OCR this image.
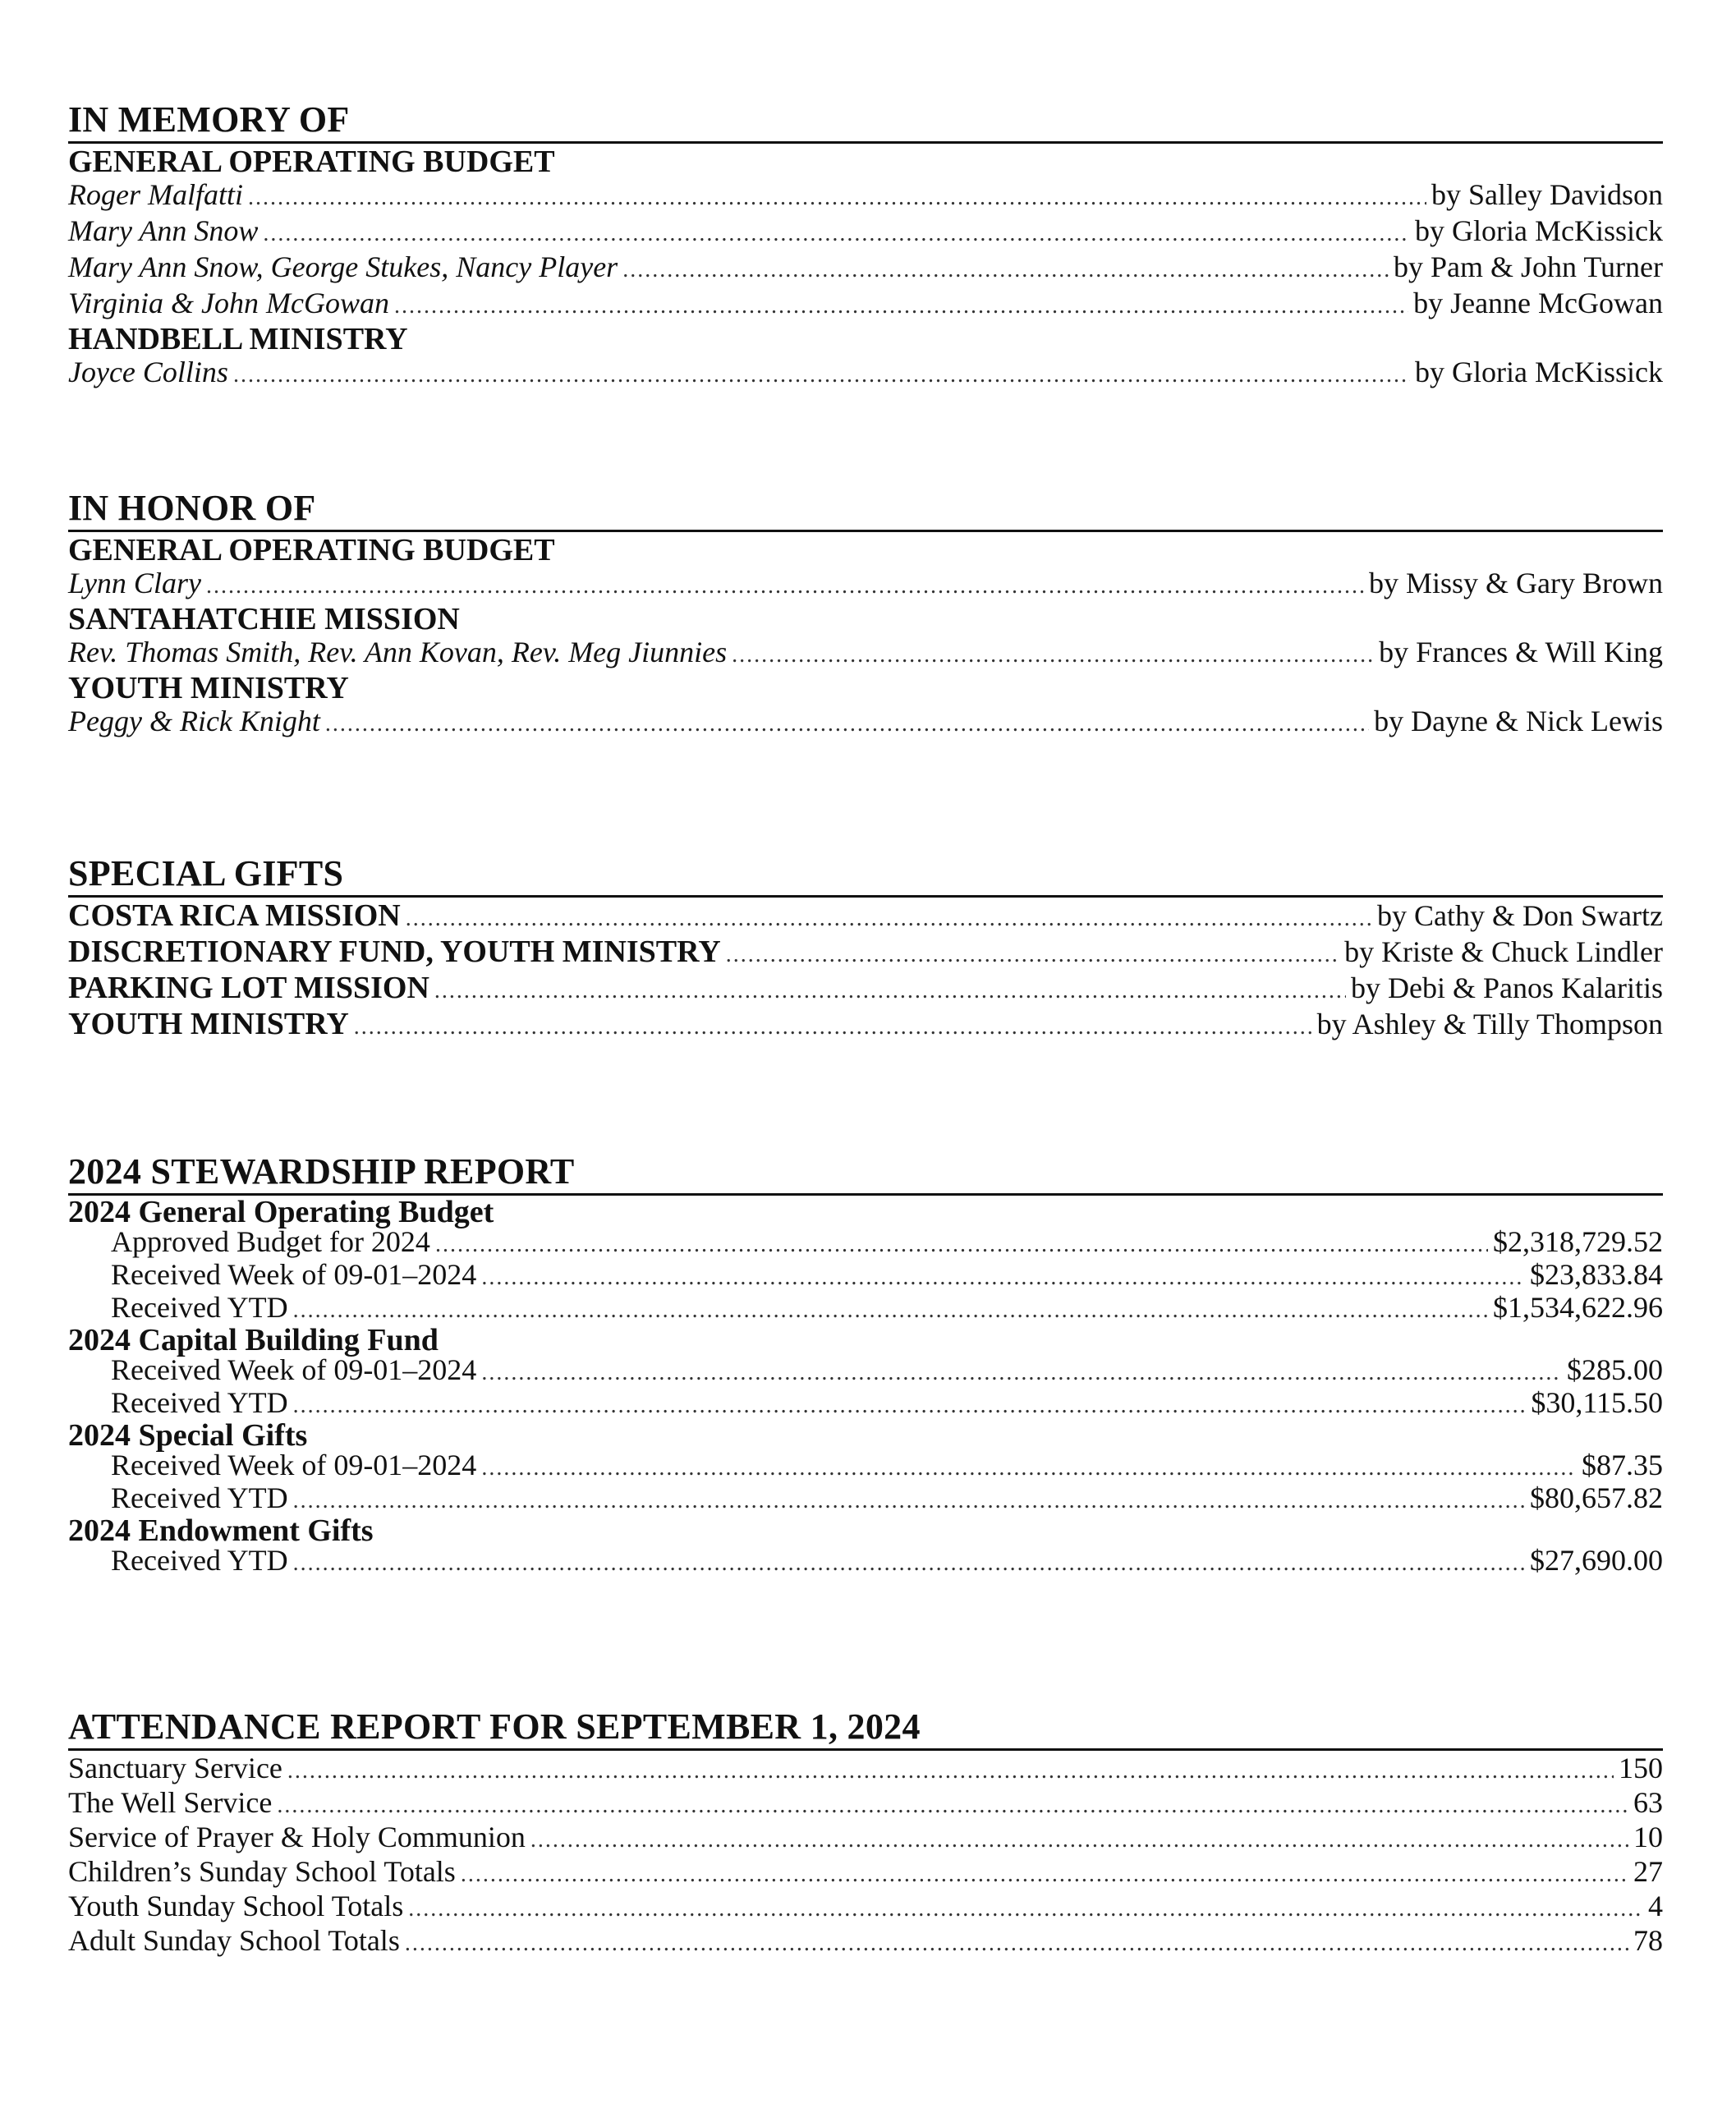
IN MEMORY OF
GENERAL OPERATING BUDGET
Roger Malfatti .....	by Salley Davidson
Mary Ann Snow .....	by Gloria McKissick
Mary Ann Snow, George Stukes, Nancy Player .....	by Pam & John Turner
Virginia & John McGowan .....	by Jeanne McGowan
HANDBELL MINISTRY
Joyce Collins .....	by Gloria McKissick
IN HONOR OF
GENERAL OPERATING BUDGET
Lynn Clary .....	by Missy & Gary Brown
SANTAHATCHIE MISSION
Rev. Thomas Smith, Rev. Ann Kovan, Rev. Meg Jiunnies .....	by Frances & Will King
YOUTH MINISTRY
Peggy & Rick Knight .....	by Dayne & Nick Lewis
SPECIAL GIFTS
COSTA RICA MISSION .....	by Cathy & Don Swartz
DISCRETIONARY FUND, YOUTH MINISTRY .....	by Kriste & Chuck Lindler
PARKING LOT MISSION .....	by Debi & Panos Kalaritis
YOUTH MINISTRY .....	by Ashley & Tilly Thompson
2024 STEWARDSHIP REPORT
2024 General Operating Budget
Approved Budget for 2024 .....	$2,318,729.52
Received Week of 09-01–2024 .....	$23,833.84
Received YTD .....	$1,534,622.96
2024 Capital Building Fund
Received Week of 09-01–2024 .....	$285.00
Received YTD .....	$30,115.50
2024 Special Gifts
Received Week of 09-01–2024 .....	$87.35
Received YTD .....	$80,657.82
2024 Endowment Gifts
Received YTD .....	$27,690.00
ATTENDANCE REPORT FOR SEPTEMBER 1, 2024
Sanctuary Service .....	150
The Well Service .....	63
Service of Prayer & Holy Communion .....	10
Children’s Sunday School Totals .....	27
Youth Sunday School Totals .....	4
Adult Sunday School Totals .....	78
